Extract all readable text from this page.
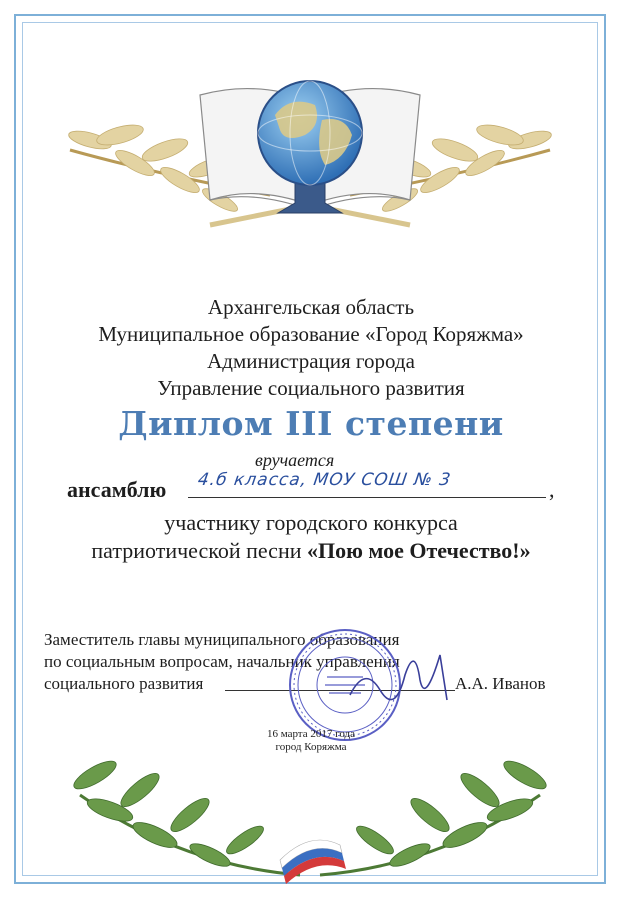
Архангельская область
Муниципальное образование «Город Коряжма»
Администрация города
Управление социального развития
Диплом III степени
вручается
ансамблю 4.б класса, МОУ СОШ № 3	,
участнику городского конкурса
патриотической песни «Пою мое Отечество!»
Заместитель главы муниципального образования
по социальным вопросам, начальник управления
социального развития	А.А. Иванов
16 марта 2017 года
город Коряжма
